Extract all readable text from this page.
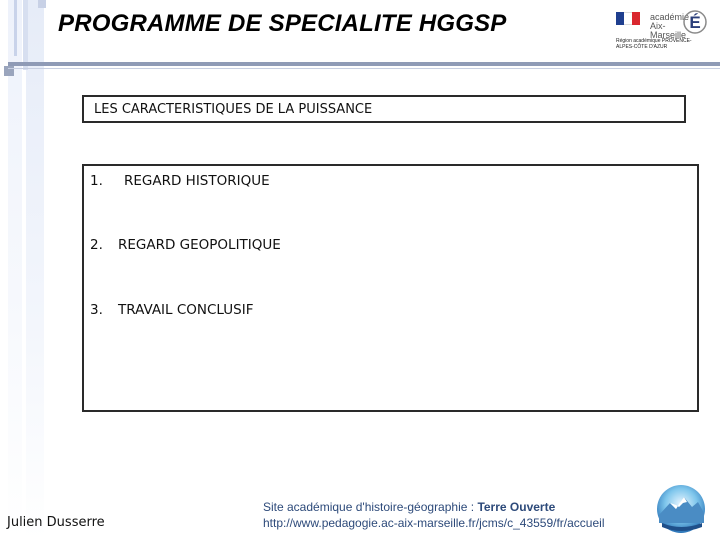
PROGRAMME DE SPECIALITE HGGSP	académie Aix-Marseille
É
Région académique PROVENCE-ALPES-CÔTE D'AZUR
LES CARACTERISTIQUES DE LA PUISSANCE
1. REGARD HISTORIQUE
2. REGARD GEOPOLITIQUE
3. TRAVAIL CONCLUSIF
Julien Dusserre
Site académique d'histoire-géographie : Terre Ouverte
http://www.pedagogie.ac-aix-marseille.fr/jcms/c_43559/fr/accueil
